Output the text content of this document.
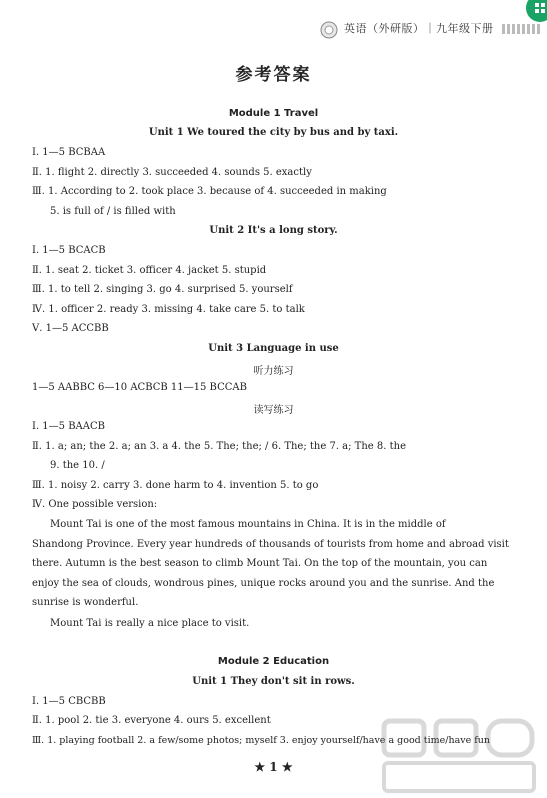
英语（外研版）｜九年级下册
参考答案
Module 1 Travel
Unit 1 We toured the city by bus and by taxi.
Ⅰ. 1—5 BCBAA
Ⅱ. 1. flight 2. directly 3. succeeded 4. sounds 5. exactly
Ⅲ. 1. According to 2. took place 3. because of 4. succeeded in making
5. is full of / is filled with
Unit 2 It's a long story.
Ⅰ. 1—5 BCACB
Ⅱ. 1. seat 2. ticket 3. officer 4. jacket 5. stupid
Ⅲ. 1. to tell 2. singing 3. go 4. surprised 5. yourself
Ⅳ. 1. officer 2. ready 3. missing 4. take care 5. to talk
Ⅴ. 1—5 ACCBB
Unit 3 Language in use
听力练习
1—5 AABBC 6—10 ACBCB 11—15 BCCAB
读写练习
Ⅰ. 1—5 BAACB
Ⅱ. 1. a; an; the 2. a; an 3. a 4. the 5. The; the; / 6. The; the 7. a; The 8. the
9. the 10. /
Ⅲ. 1. noisy 2. carry 3. done harm to 4. invention 5. to go
Ⅳ. One possible version:
Mount Tai is one of the most famous mountains in China. It is in the middle of
Shandong Province. Every year hundreds of thousands of tourists from home and abroad visit
there. Autumn is the best season to climb Mount Tai. On the top of the mountain, you can
enjoy the sea of clouds, wondrous pines, unique rocks around you and the sunrise. And the
sunrise is wonderful.
Mount Tai is really a nice place to visit.
Module 2 Education
Unit 1 They don't sit in rows.
Ⅰ. 1—5 CBCBB
Ⅱ. 1. pool 2. tie 3. everyone 4. ours 5. excellent
Ⅲ. 1. playing football 2. a few/some photos; myself 3. enjoy yourself/have a good time/have fun
★ 1 ★
